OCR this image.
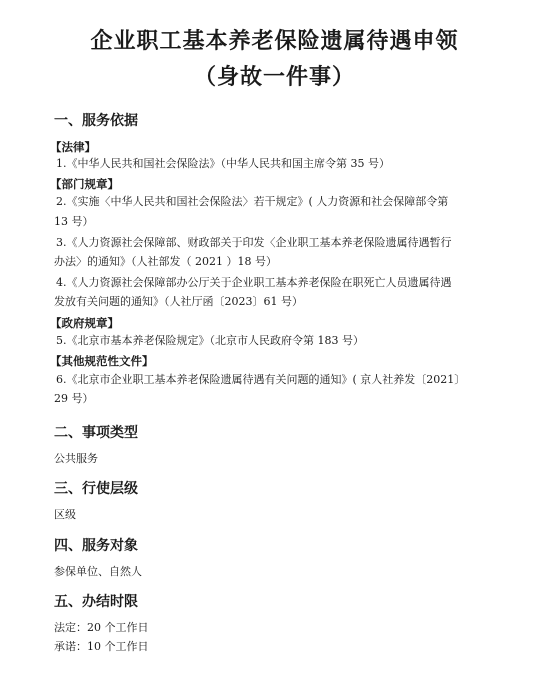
企业职工基本养老保险遗属待遇申领
（身故一件事）
一、服务依据
【法律】
1.《中华人民共和国社会保险法》（中华人民共和国主席令第 35 号）
【部门规章】
2.《实施〈中华人民共和国社会保险法〉若干规定》( 人力资源和社会保障部令第
13 号）
3.《人力资源社会保障部、财政部关于印发〈企业职工基本养老保险遗属待遇暂行
办法〉的通知》（人社部发（ 2021 ）18 号）
4.《人力资源社会保障部办公厅关于企业职工基本养老保险在职死亡人员遗属待遇
发放有关问题的通知》（人社厅函〔2023〕61 号）
【政府规章】
5.《北京市基本养老保险规定》（北京市人民政府令第 183 号）
【其他规范性文件】
6.《北京市企业职工基本养老保险遗属待遇有关问题的通知》( 京人社养发〔2021〕
29 号）
二、事项类型
公共服务
三、行使层级
区级
四、服务对象
参保单位、自然人
五、办结时限
法定：20 个工作日
承诺：10 个工作日
